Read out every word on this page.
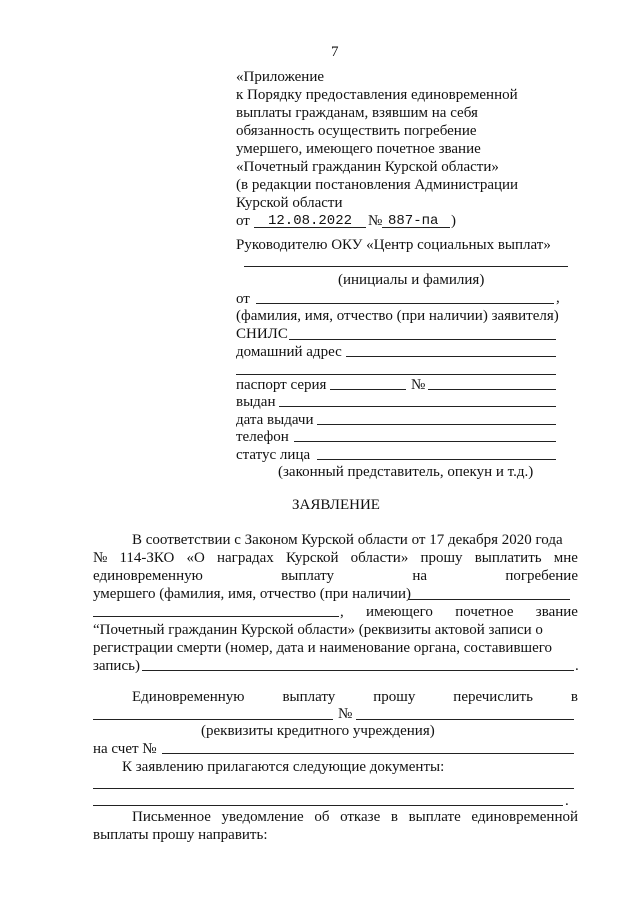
7
«Приложение
к Порядку предоставления единовременной
выплаты гражданам, взявшим на себя
обязанность осуществить погребение
умершего, имеющего почетное звание
«Почетный гражданин Курской области»
(в редакции постановления Администрации
Курской области
от 12.08.2022 № 887-па )
Руководителю ОКУ «Центр социальных выплат»
(инициалы и фамилия)
от	,
(фамилия, имя, отчество (при наличии) заявителя)
СНИЛС
домашний адрес
паспорт серия	№
выдан
дата выдачи
телефон
статус лица
(законный представитель, опекун и т.д.)
ЗАЯВЛЕНИЕ
В соответствии с Законом Курской области от 17 декабря 2020 года
№ 114-ЗКО «О наградах Курской области» прошу выплатить мне
единовременную	выплату	на	погребение
умершего (фамилия, имя, отчество (при наличии)
, имеющего почетное звание
“Почетный гражданин Курской области» (реквизиты актовой записи о
регистрации смерти (номер, дата и наименование органа, составившего
запись)	.
Единовременную	выплату	прошу	перечислить	в
№
(реквизиты кредитного учреждения)
на счет №
К заявлению прилагаются следующие документы:
.
Письменное уведомление об отказе в выплате единовременной
выплаты прошу направить:
